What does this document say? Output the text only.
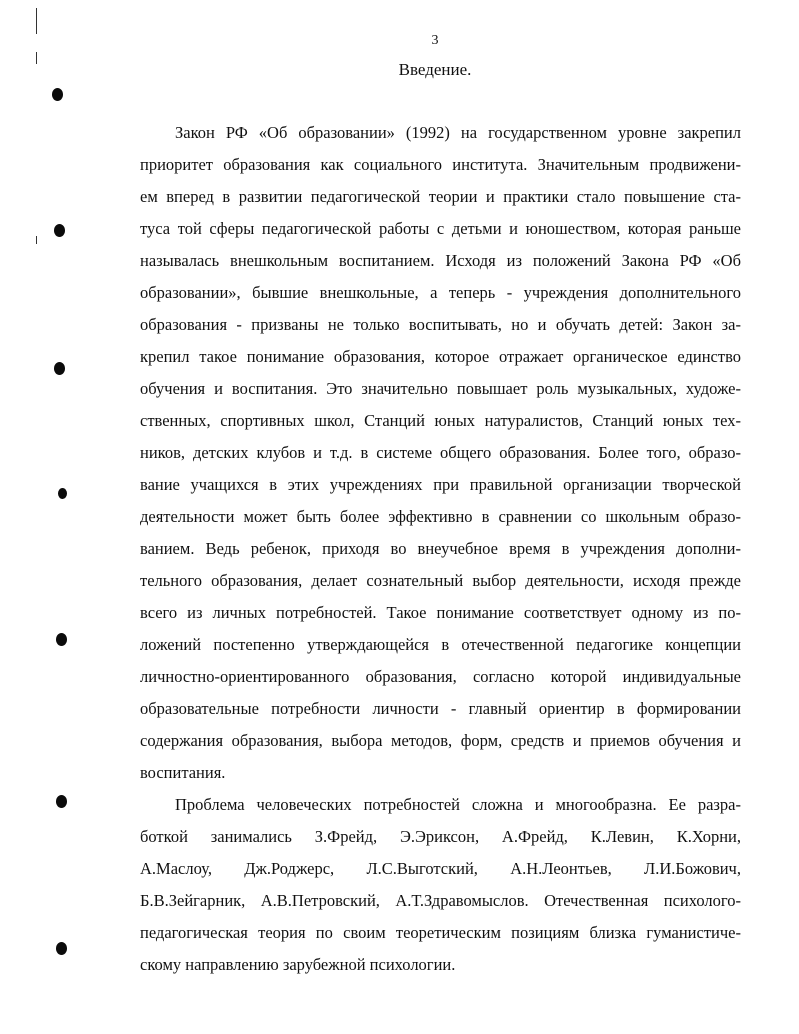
3
Введение.
Закон РФ «Об образовании» (1992) на государственном уровне закрепил
приоритет образования как социального института. Значительным продвижени-
ем вперед в развитии педагогической теории и практики стало повышение ста-
туса той сферы педагогической работы с детьми и юношеством, которая раньше
называлась внешкольным воспитанием. Исходя из положений Закона РФ «Об
образовании», бывшие внешкольные, а теперь - учреждения дополнительного
образования - призваны не только воспитывать, но и обучать детей: Закон за-
крепил такое понимание образования, которое отражает органическое единство
обучения и воспитания. Это значительно повышает роль музыкальных, художе-
ственных, спортивных школ, Станций юных натуралистов, Станций юных тех-
ников, детских клубов и т.д. в системе общего образования. Более того, образо-
вание учащихся в этих учреждениях при правильной организации творческой
деятельности может быть более эффективно в сравнении со школьным образо-
ванием. Ведь ребенок, приходя во внеучебное время в учреждения дополни-
тельного образования, делает сознательный выбор деятельности, исходя прежде
всего из личных потребностей. Такое понимание соответствует одному из по-
ложений постепенно утверждающейся в отечественной педагогике концепции
личностно-ориентированного образования, согласно которой индивидуальные
образовательные потребности личности - главный ориентир в формировании
содержания образования, выбора методов, форм, средств и приемов обучения и
воспитания.
Проблема человеческих потребностей сложна и многообразна. Ее разра-
боткой занимались З.Фрейд, Э.Эриксон, А.Фрейд, К.Левин, К.Хорни,
А.Маслоу, Дж.Роджерс, Л.С.Выготский, А.Н.Леонтьев, Л.И.Божович,
Б.В.Зейгарник, А.В.Петровский, А.Т.Здравомыслов. Отечественная психолого-
педагогическая теория по своим теоретическим позициям близка гуманистиче-
скому направлению зарубежной психологии.
